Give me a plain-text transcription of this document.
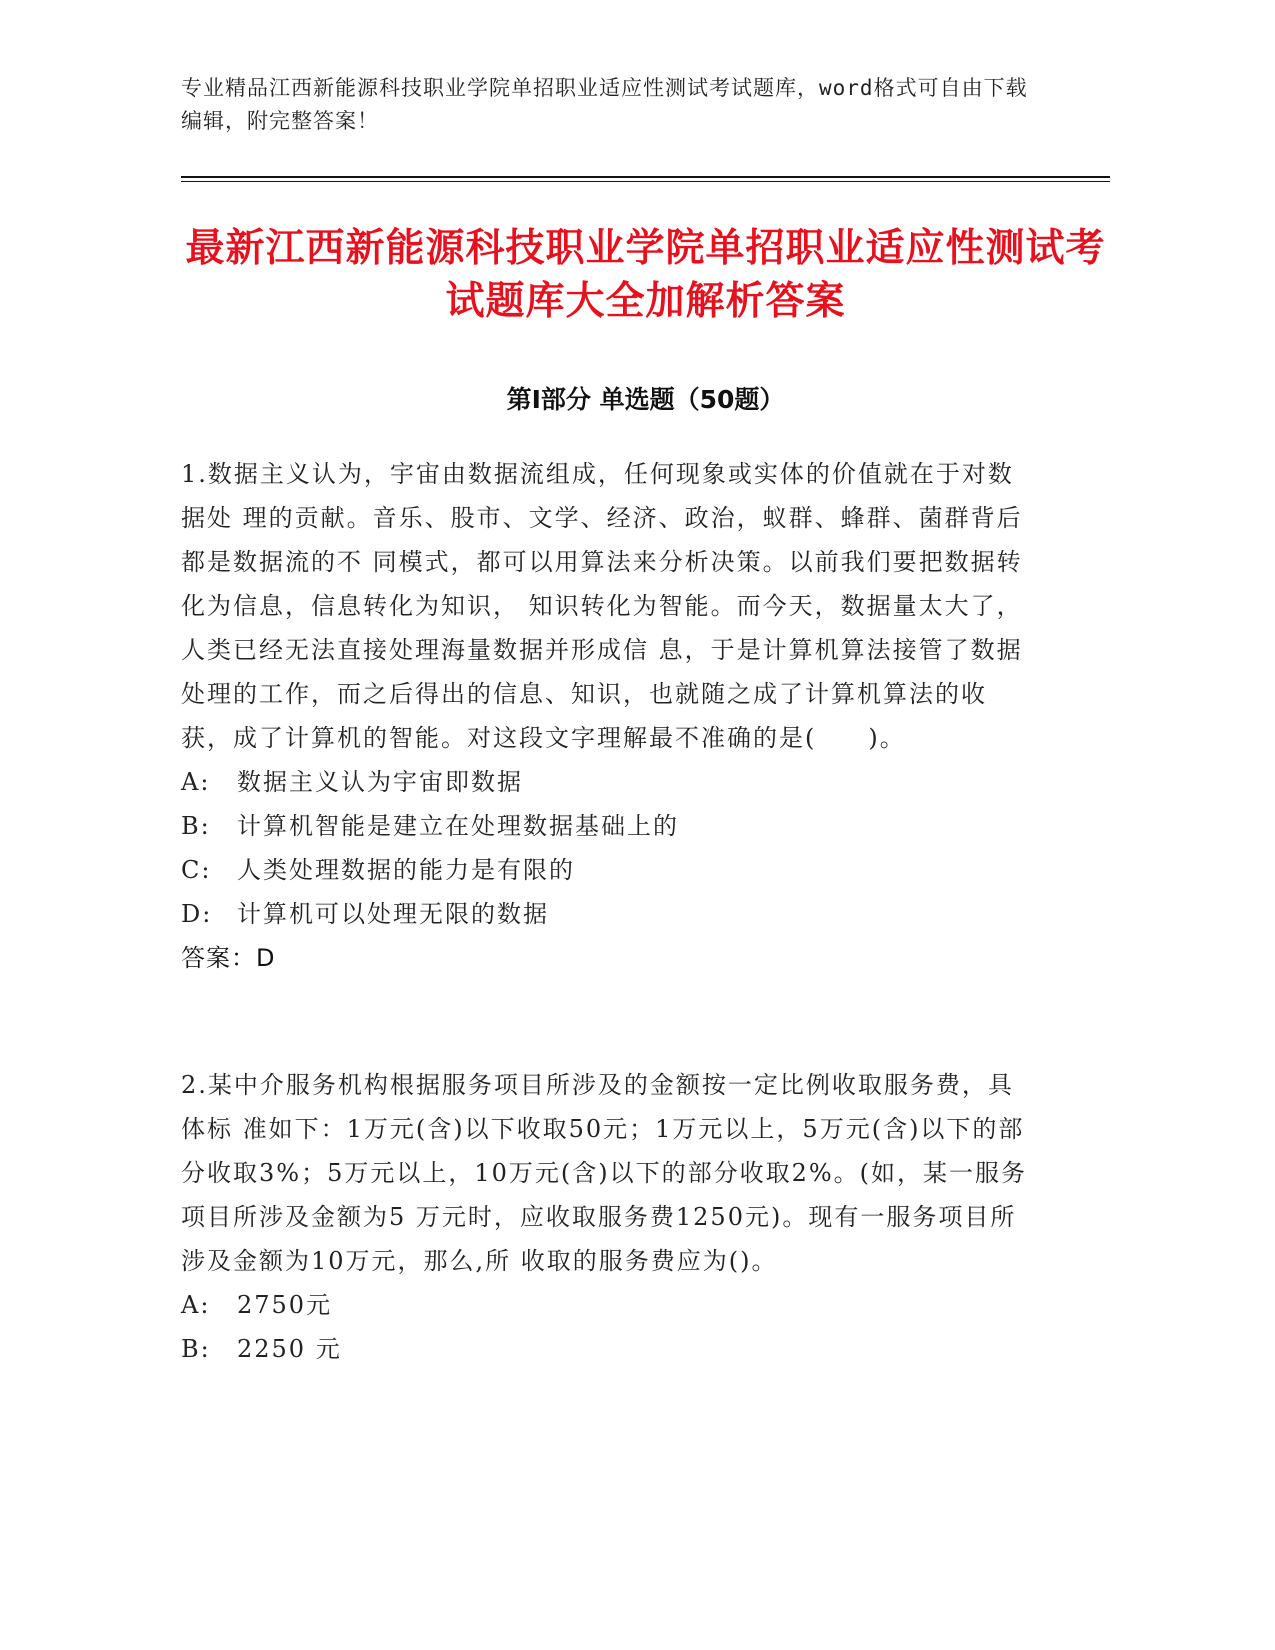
专业精品江西新能源科技职业学院单招职业适应性测试考试题库，word格式可自由下载编辑，附完整答案！
最新江西新能源科技职业学院单招职业适应性测试考试题库大全加解析答案
第Ⅰ部分 单选题（50题）

1.数据主义认为，宇宙由数据流组成，任何现象或实体的价值就在于对数据处 理的贡献。音乐、股市、文学、经济、政治，蚁群、蜂群、菌群背后都是数据流的不 同模式，都可以用算法来分析决策。以前我们要把数据转化为信息，信息转化为知识， 知识转化为智能。而今天，数据量太大了，人类已经无法直接处理海量数据并形成信 息，于是计算机算法接管了数据处理的工作，而之后得出的信息、知识，也就随之成了计算机算法的收获，成了计算机的智能。对这段文字理解最不准确的是(　　)。

A:	数据主义认为宇宙即数据

B:	计算机智能是建立在处理数据基础上的

C:	人类处理数据的能力是有限的

D:	计算机可以处理无限的数据

答案：D

2.某中介服务机构根据服务项目所涉及的金额按一定比例收取服务费，具体标 准如下：1万元(含)以下收取50元；1万元以上，5万元(含)以下的部分收取3%；5万元以上，10万元(含)以下的部分收取2%。(如，某一服务项目所涉及金额为5 万元时，应收取服务费1250元)。现有一服务项目所涉及金额为10万元，那么,所 收取的服务费应为()。

A:	2750元

B:	2250 元
